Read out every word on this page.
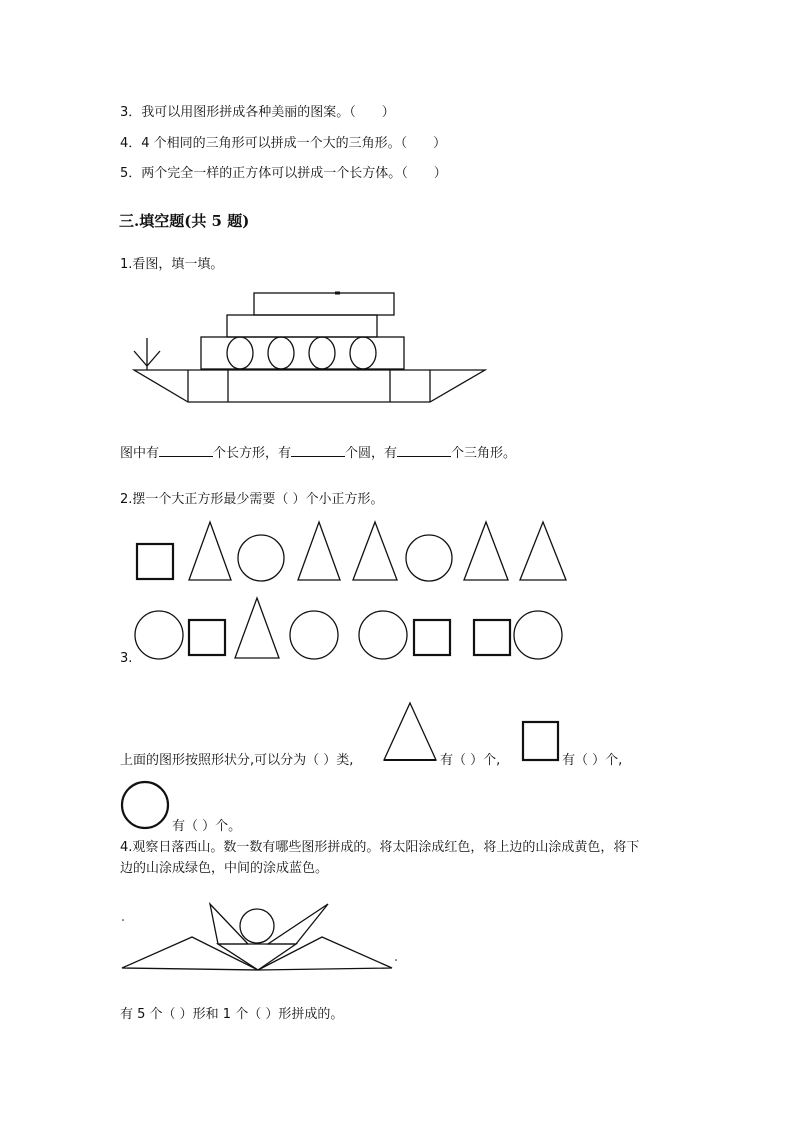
3．我可以用图形拼成各种美丽的图案。（　　）
4．4 个相同的三角形可以拼成一个大的三角形。（　　）
5．两个完全一样的正方体可以拼成一个长方体。（　　）
三.填空题(共 5 题)
1.看图，填一填。
图中有	个长方形，有	个圆，有	个三角形。
2.摆一个大正方形最少需要（ ）个小正方形。
3.
上面的图形按照形状分,可以分为（ ）类,	有（ ）个,	有（ ）个,
有（ ）个。
4.观察日落西山。数一数有哪些图形拼成的。将太阳涂成红色，将上边的山涂成黄色，将下
边的山涂成绿色，中间的涂成蓝色。
有 5 个（ ）形和 1 个（ ）形拼成的。
